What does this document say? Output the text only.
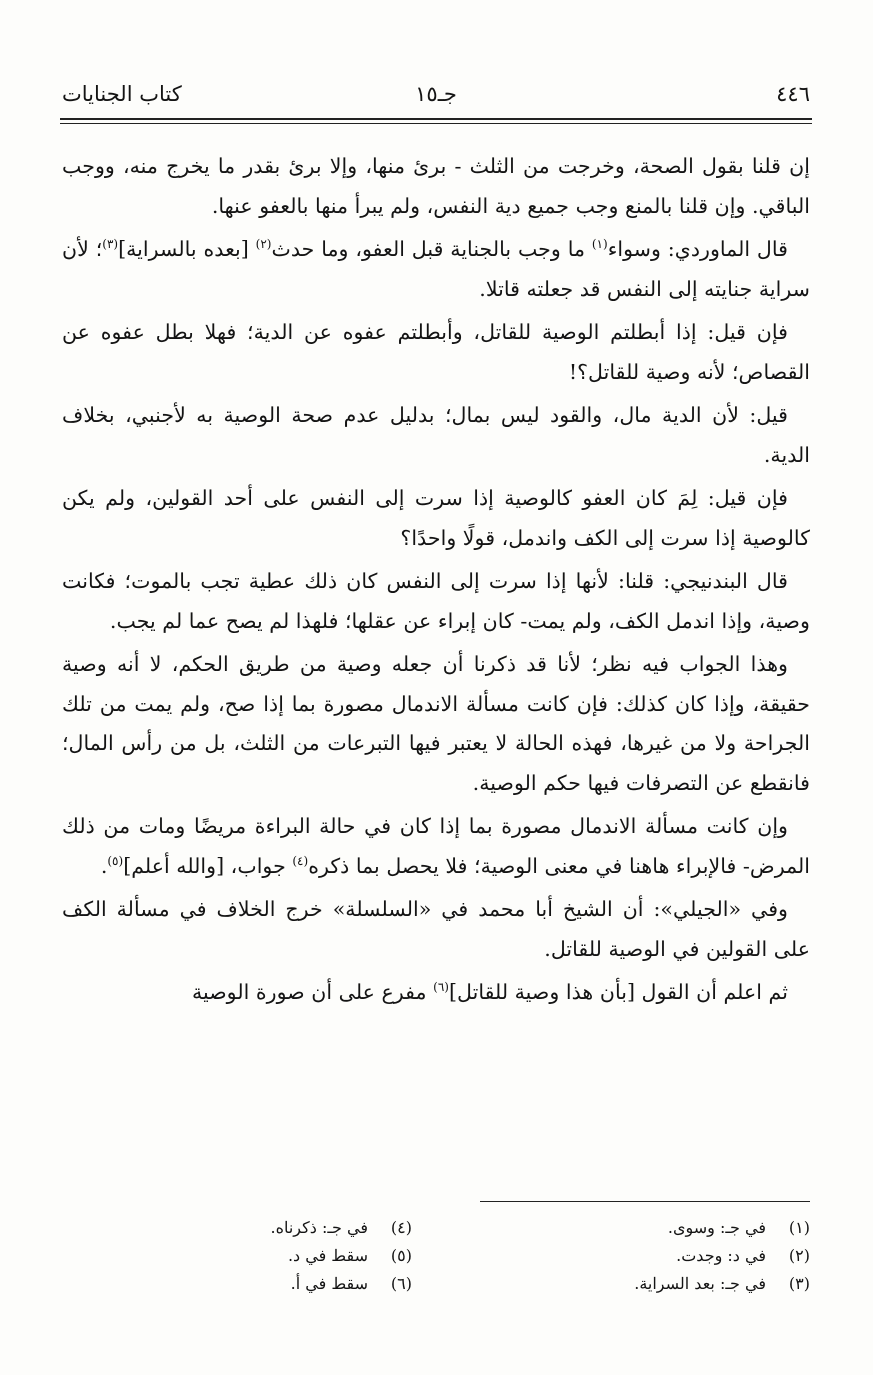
٤٤٦
جـ١٥
كتاب الجنايات

إن قلنا بقول الصحة، وخرجت من الثلث - برئ منها، وإلا برئ بقدر ما يخرج منه، ووجب الباقي. وإن قلنا بالمنع وجب جميع دية النفس، ولم يبرأ منها بالعفو عنها.

قال الماوردي: وسواء$^{(١)}$ ما وجب بالجناية قبل العفو، وما حدث$^{(٢)}$ [بعده بالسراية]$^{(٣)}$؛ لأن سراية جنايته إلى النفس قد جعلته قاتلا.

فإن قيل: إذا أبطلتم الوصية للقاتل، وأبطلتم عفوه عن الدية؛ فهلا بطل عفوه عن القصاص؛ لأنه وصية للقاتل؟!

قيل: لأن الدية مال، والقود ليس بمال؛ بدليل عدم صحة الوصية به لأجنبي، بخلاف الدية.

فإن قيل: لِمَ كان العفو كالوصية إذا سرت إلى النفس على أحد القولين، ولم يكن كالوصية إذا سرت إلى الكف واندمل، قولًا واحدًا؟

قال البندنيجي: قلنا: لأنها إذا سرت إلى النفس كان ذلك عطية تجب بالموت؛ فكانت وصية، وإذا اندمل الكف، ولم يمت- كان إبراء عن عقلها؛ فلهذا لم يصح عما لم يجب.

وهذا الجواب فيه نظر؛ لأنا قد ذكرنا أن جعله وصية من طريق الحكم، لا أنه وصية حقيقة، وإذا كان كذلك: فإن كانت مسألة الاندمال مصورة بما إذا صح، ولم يمت من تلك الجراحة ولا من غيرها، فهذه الحالة لا يعتبر فيها التبرعات من الثلث، بل من رأس المال؛ فانقطع عن التصرفات فيها حكم الوصية.

وإن كانت مسألة الاندمال مصورة بما إذا كان في حالة البراءة مريضًا ومات من ذلك المرض- فالإبراء هاهنا في معنى الوصية؛ فلا يحصل بما ذكره$^{(٤)}$ جواب، [والله أعلم]$^{(٥)}$.

وفي «الجيلي»: أن الشيخ أبا محمد في «السلسلة» خرج الخلاف في مسألة الكف على القولين في الوصية للقاتل.

ثم اعلم أن القول [بأن هذا وصية للقاتل]$^{(٦)}$ مفرع على أن صورة الوصية

(١)في جـ: وسوى.
(٢)في د: وجدت.
(٣)في جـ: بعد السراية.
(٤)في جـ: ذكرناه.
(٥)سقط في د.
(٦)سقط في أ.
